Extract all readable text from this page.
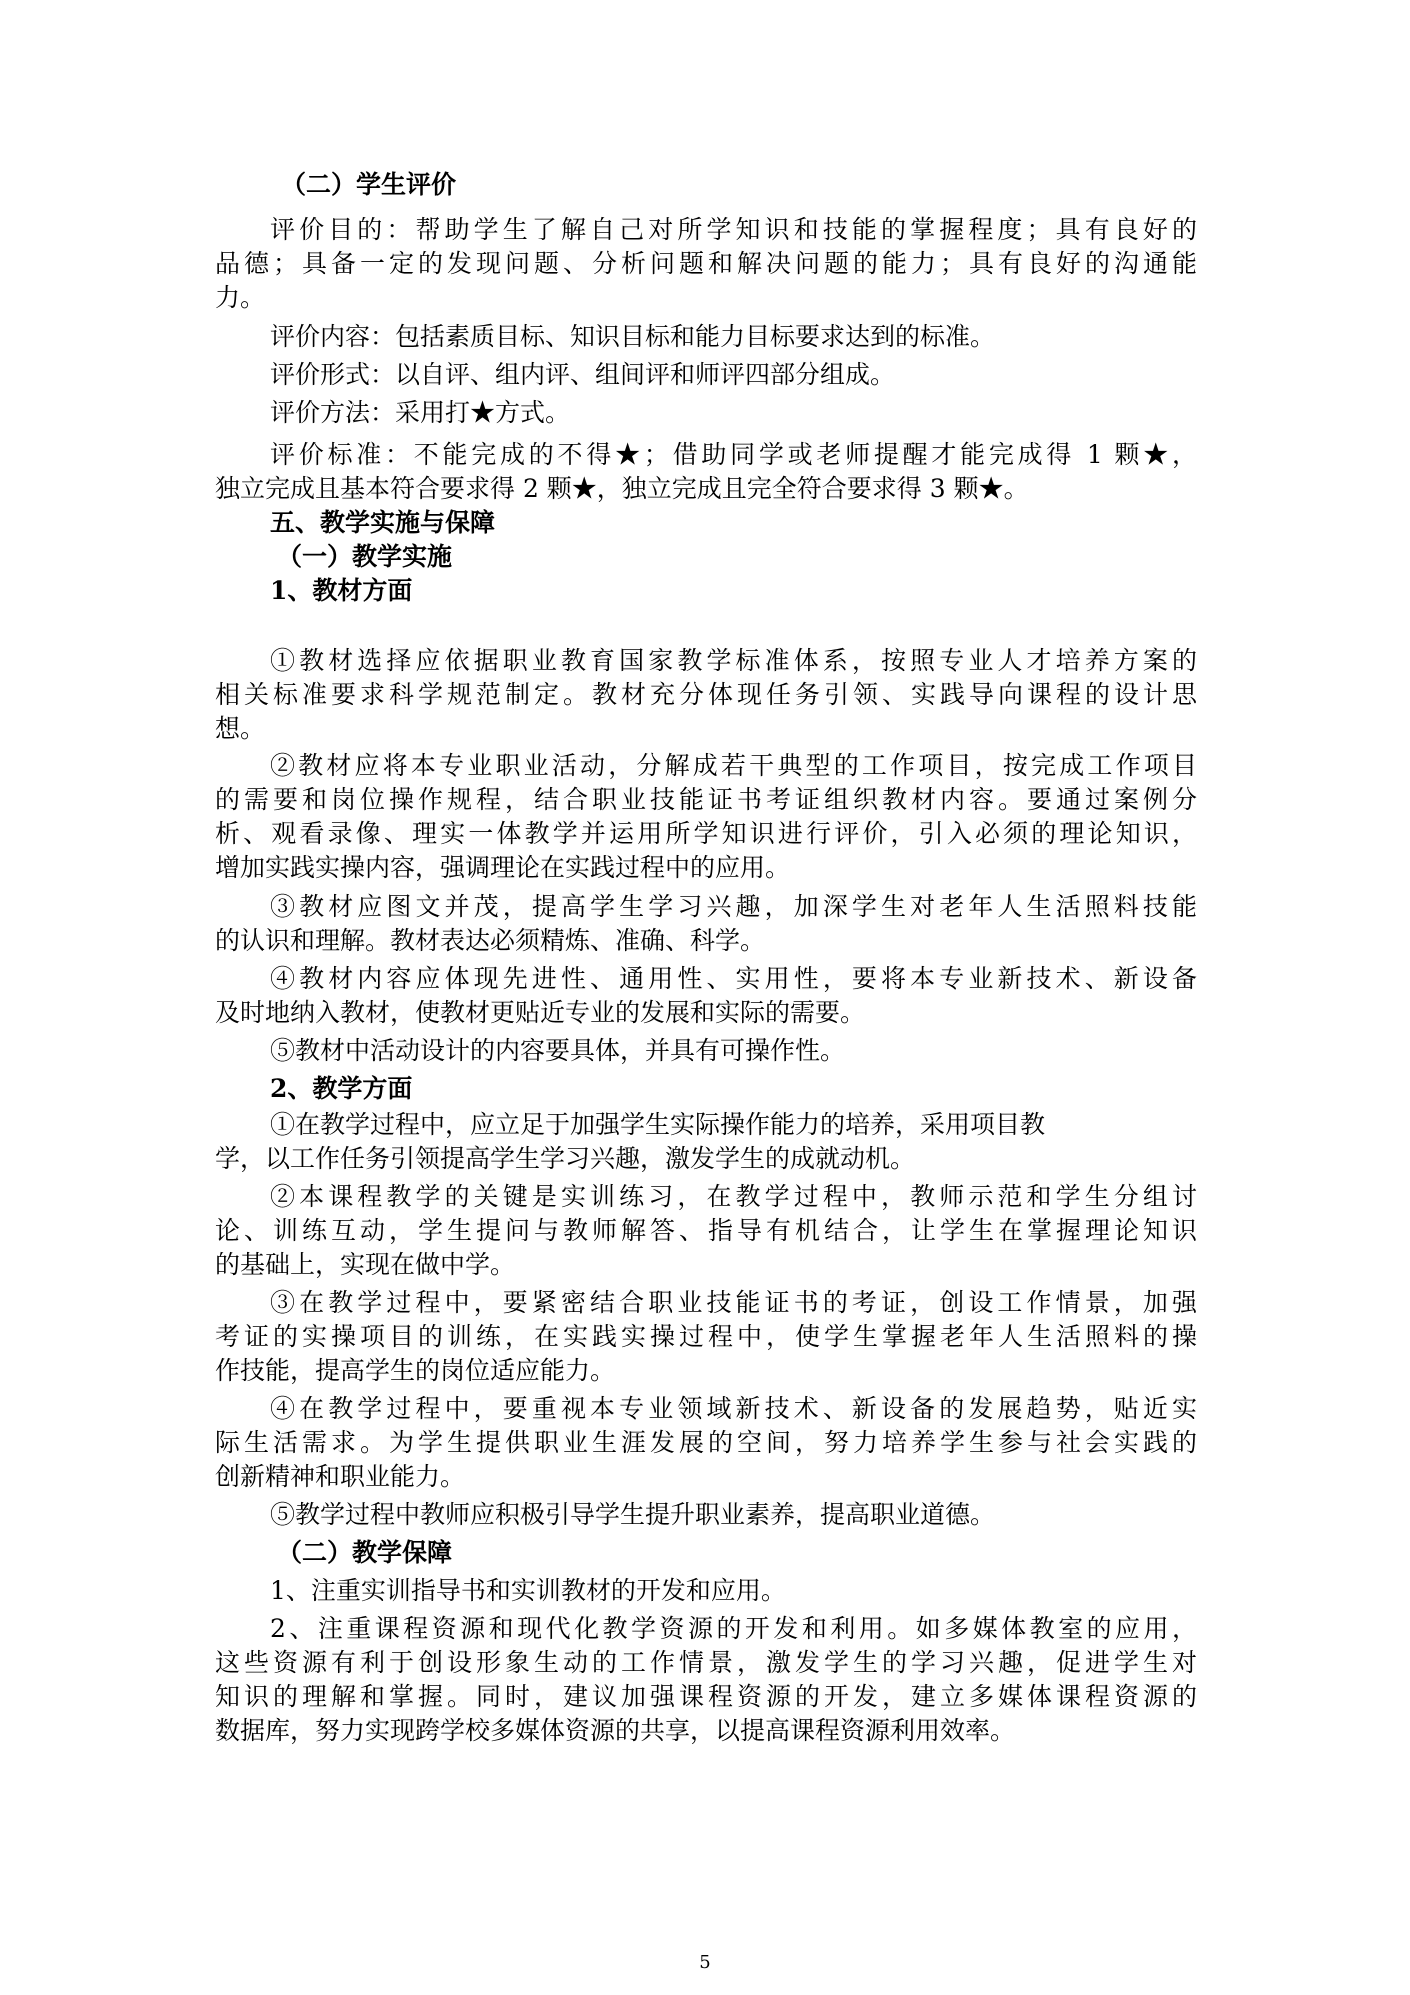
（二）学生评价
评价目的：帮助学生了解自己对所学知识和技能的掌握程度；具有良好的
品德；具备一定的发现问题、分析问题和解决问题的能力；具有良好的沟通能
力。
评价内容：包括素质目标、知识目标和能力目标要求达到的标准。
评价形式：以自评、组内评、组间评和师评四部分组成。
评价方法：采用打★方式。
评价标准：不能完成的不得★；借助同学或老师提醒才能完成得 1 颗★，
独立完成且基本符合要求得 2 颗★，独立完成且完全符合要求得 3 颗★。
五、教学实施与保障
（一）教学实施
1、教材方面
①教材选择应依据职业教育国家教学标准体系，按照专业人才培养方案的
相关标准要求科学规范制定。教材充分体现任务引领、实践导向课程的设计思
想。
②教材应将本专业职业活动，分解成若干典型的工作项目，按完成工作项目
的需要和岗位操作规程，结合职业技能证书考证组织教材内容。要通过案例分
析、观看录像、理实一体教学并运用所学知识进行评价，引入必须的理论知识，
增加实践实操内容，强调理论在实践过程中的应用。
③教材应图文并茂，提高学生学习兴趣，加深学生对老年人生活照料技能
的认识和理解。教材表达必须精炼、准确、科学。
④教材内容应体现先进性、通用性、实用性，要将本专业新技术、新设备
及时地纳入教材，使教材更贴近专业的发展和实际的需要。
⑤教材中活动设计的内容要具体，并具有可操作性。
2、教学方面
①在教学过程中，应立足于加强学生实际操作能力的培养，采用项目教
学，以工作任务引领提高学生学习兴趣，激发学生的成就动机。
②本课程教学的关键是实训练习，在教学过程中，教师示范和学生分组讨
论、训练互动，学生提问与教师解答、指导有机结合，让学生在掌握理论知识
的基础上，实现在做中学。
③在教学过程中，要紧密结合职业技能证书的考证，创设工作情景，加强
考证的实操项目的训练，在实践实操过程中，使学生掌握老年人生活照料的操
作技能，提高学生的岗位适应能力。
④在教学过程中，要重视本专业领域新技术、新设备的发展趋势，贴近实
际生活需求。为学生提供职业生涯发展的空间，努力培养学生参与社会实践的
创新精神和职业能力。
⑤教学过程中教师应积极引导学生提升职业素养，提高职业道德。
（二）教学保障
1、注重实训指导书和实训教材的开发和应用。
2、注重课程资源和现代化教学资源的开发和利用。如多媒体教室的应用，
这些资源有利于创设形象生动的工作情景，激发学生的学习兴趣，促进学生对
知识的理解和掌握。同时，建议加强课程资源的开发，建立多媒体课程资源的
数据库，努力实现跨学校多媒体资源的共享，以提高课程资源利用效率。
5
